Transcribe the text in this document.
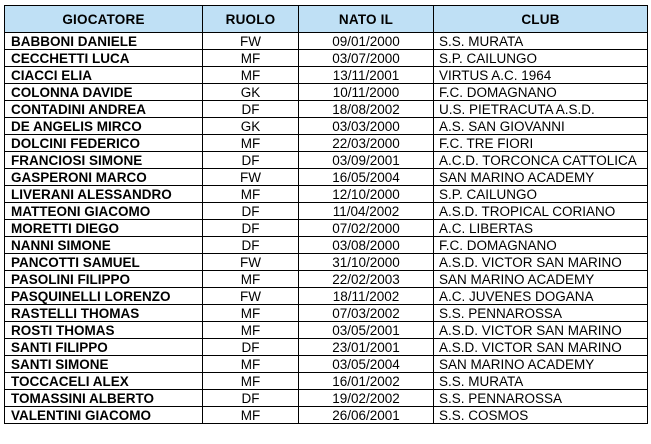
GIOCATORE	RUOLO	NATO IL	CLUB
BABBONI DANIELE	FW	09/01/2000	S.S. MURATA
CECCHETTI LUCA	MF	03/07/2000	S.P. CAILUNGO
CIACCI ELIA	MF	13/11/2001	VIRTUS A.C. 1964
COLONNA DAVIDE	GK	10/11/2000	F.C. DOMAGNANO
CONTADINI ANDREA	DF	18/08/2002	U.S. PIETRACUTA A.S.D.
DE ANGELIS MIRCO	GK	03/03/2000	A.S. SAN GIOVANNI
DOLCINI FEDERICO	MF	22/03/2000	F.C. TRE FIORI
FRANCIOSI SIMONE	DF	03/09/2001	A.C.D. TORCONCA CATTOLICA
GASPERONI MARCO	FW	16/05/2004	SAN MARINO ACADEMY
LIVERANI ALESSANDRO	MF	12/10/2000	S.P. CAILUNGO
MATTEONI GIACOMO	DF	11/04/2002	A.S.D. TROPICAL CORIANO
MORETTI DIEGO	DF	07/02/2000	A.C. LIBERTAS
NANNI SIMONE	DF	03/08/2000	F.C. DOMAGNANO
PANCOTTI SAMUEL	FW	31/10/2000	A.S.D. VICTOR SAN MARINO
PASOLINI FILIPPO	MF	22/02/2003	SAN MARINO ACADEMY
PASQUINELLI LORENZO	FW	18/11/2002	A.C. JUVENES DOGANA
RASTELLI THOMAS	MF	07/03/2002	S.S. PENNAROSSA
ROSTI THOMAS	MF	03/05/2001	A.S.D. VICTOR SAN MARINO
SANTI FILIPPO	DF	23/01/2001	A.S.D. VICTOR SAN MARINO
SANTI SIMONE	MF	03/05/2004	SAN MARINO ACADEMY
TOCCACELI ALEX	MF	16/01/2002	S.S. MURATA
TOMASSINI ALBERTO	DF	19/02/2002	S.S. PENNAROSSA
VALENTINI GIACOMO	MF	26/06/2001	S.S. COSMOS
